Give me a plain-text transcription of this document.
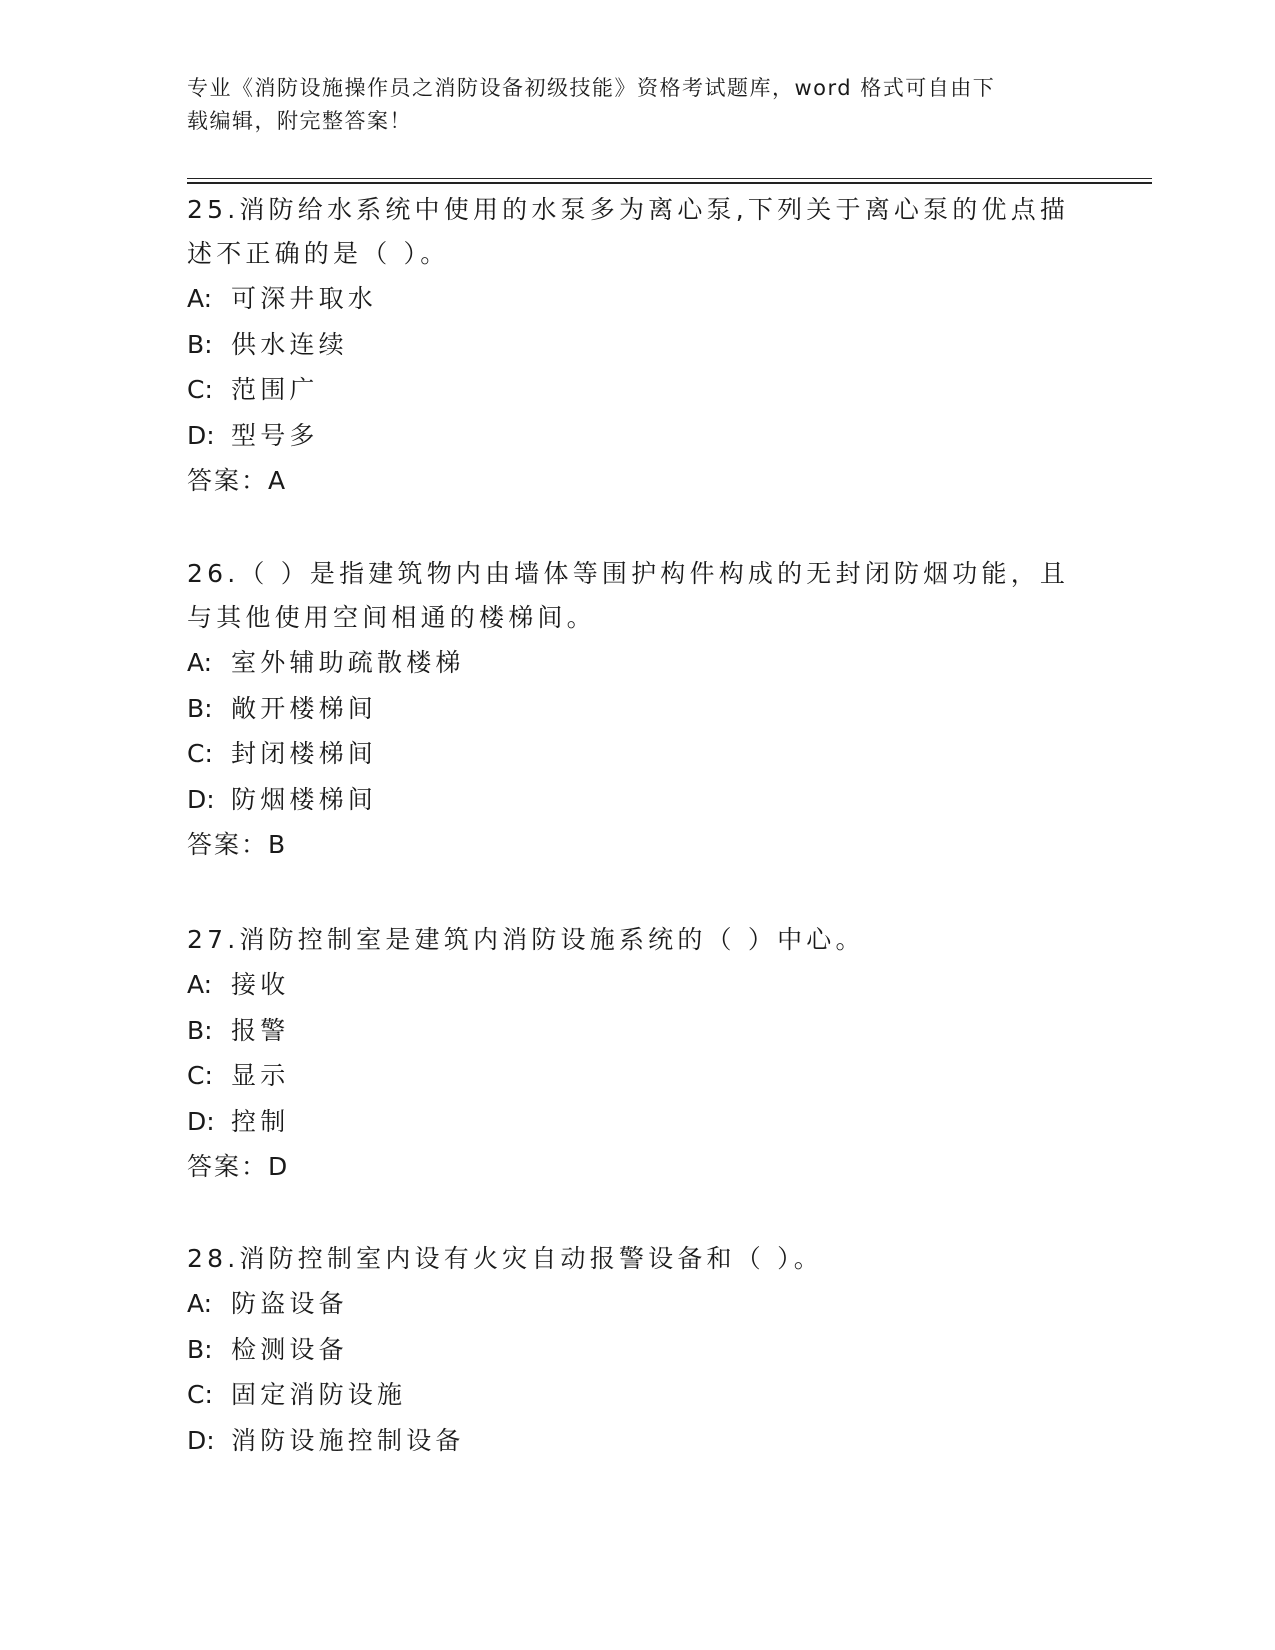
专业《消防设施操作员之消防设备初级技能》资格考试题库，word 格式可自由下
载编辑，附完整答案！
25.消防给水系统中使用的水泵多为离心泵,下列关于离心泵的优点描
述不正确的是（ ）。
A: 可深井取水
B: 供水连续
C: 范围广
D: 型号多
答案：A
26.（ ）是指建筑物内由墙体等围护构件构成的无封闭防烟功能，且
与其他使用空间相通的楼梯间。
A: 室外辅助疏散楼梯
B: 敞开楼梯间
C: 封闭楼梯间
D: 防烟楼梯间
答案：B
27.消防控制室是建筑内消防设施系统的（ ）中心。
A: 接收
B: 报警
C: 显示
D: 控制
答案：D
28.消防控制室内设有火灾自动报警设备和（ ）。
A: 防盗设备
B: 检测设备
C: 固定消防设施
D: 消防设施控制设备
